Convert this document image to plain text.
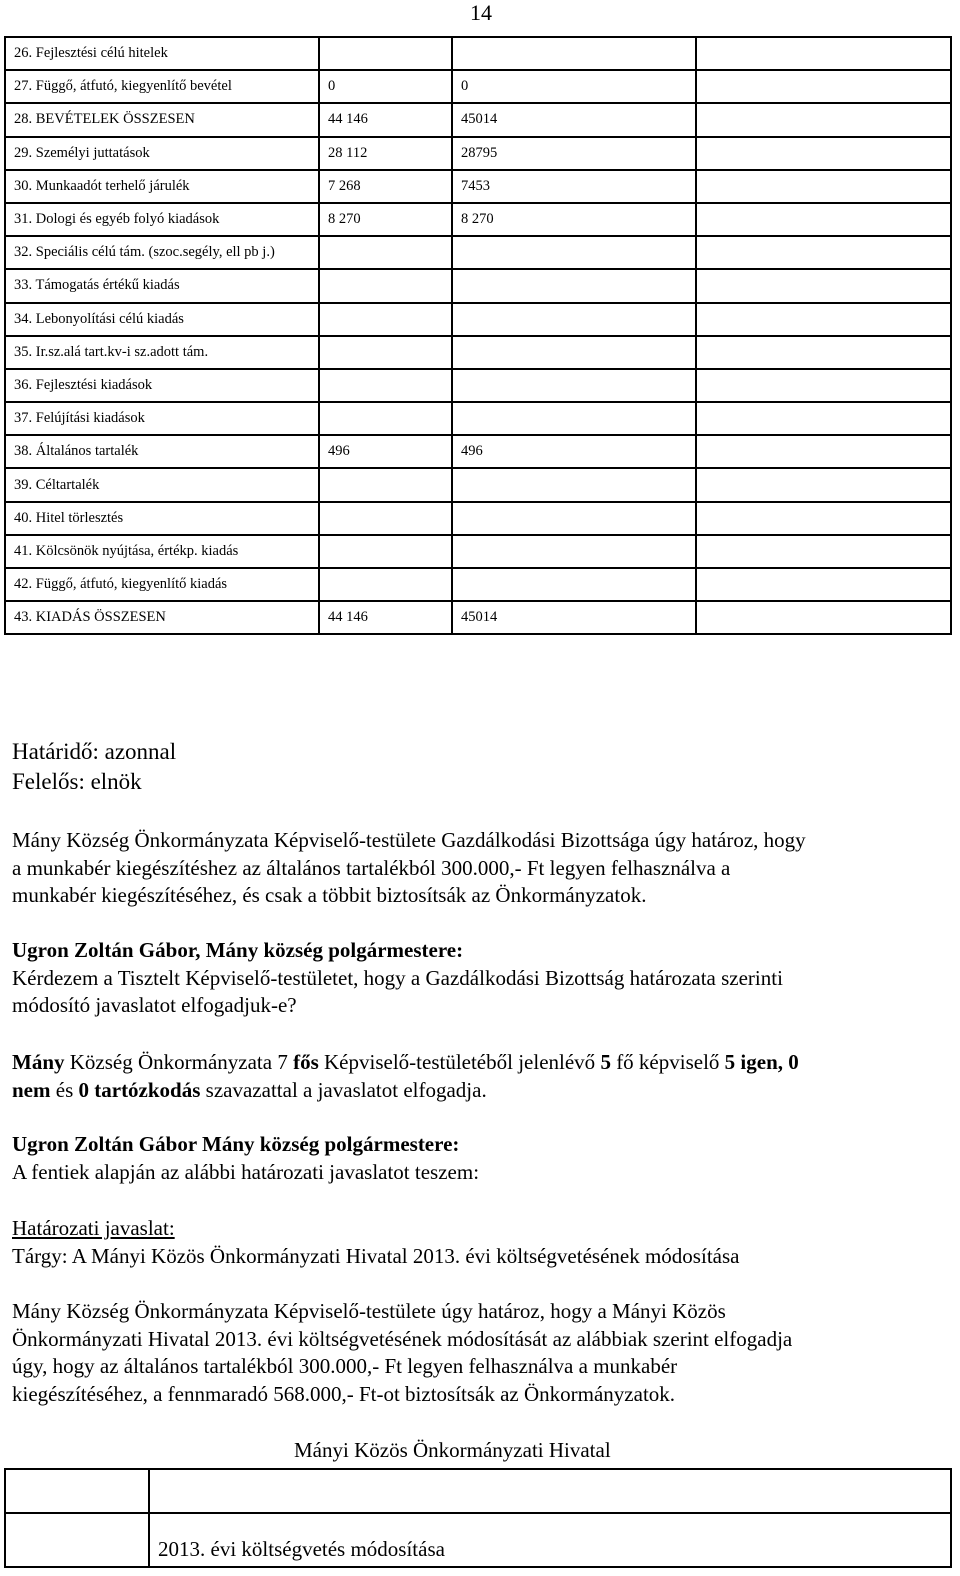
14
26. Fejlesztési célú hitelek			
27. Függő, átfutó, kiegyenlítő bevétel	0	0	
28. BEVÉTELEK ÖSSZESEN	44 146	45014	
29. Személyi juttatások	28 112	28795	
30. Munkaadót terhelő járulék	7 268	7453	
31. Dologi és egyéb folyó kiadások	8 270	8 270	
32. Speciális célú tám. (szoc.segély, ell pb j.)			
33. Támogatás értékű kiadás			
34. Lebonyolítási célú kiadás			
35. Ir.sz.alá tart.kv-i sz.adott tám.			
36. Fejlesztési kiadások			
37. Felújítási kiadások			
38. Általános tartalék	496	496	
39. Céltartalék			
40. Hitel törlesztés			
41. Kölcsönök nyújtása, értékp. kiadás			
42. Függő, átfutó, kiegyenlítő kiadás			
43. KIADÁS ÖSSZESEN	44 146	45014	
Határidő: azonnal
Felelős: elnök
Mány Község Önkormányzata Képviselő-testülete Gazdálkodási Bizottsága úgy határoz, hogy
a munkabér kiegészítéshez az általános tartalékból 300.000,- Ft legyen felhasználva a
munkabér kiegészítéséhez, és csak a többit biztosítsák az Önkormányzatok.
Ugron Zoltán Gábor, Mány község polgármestere:
Kérdezem a Tisztelt Képviselő-testületet, hogy a Gazdálkodási Bizottság határozata szerinti
módosító javaslatot elfogadjuk-e?
Mány Község Önkormányzata 7 fős Képviselő-testületéből jelenlévő 5 fő képviselő 5 igen, 0
nem és 0 tartózkodás szavazattal a javaslatot elfogadja.
Ugron Zoltán Gábor Mány község polgármestere:
A fentiek alapján az alábbi határozati javaslatot teszem:
Határozati javaslat:
Tárgy: A Mányi Közös Önkormányzati Hivatal 2013. évi költségvetésének módosítása
Mány Község Önkormányzata Képviselő-testülete úgy határoz, hogy a Mányi Közös
Önkormányzati Hivatal 2013. évi költségvetésének módosítását az alábbiak szerint elfogadja
úgy, hogy az általános tartalékból 300.000,- Ft legyen felhasználva a munkabér
kiegészítéséhez, a fennmaradó 568.000,- Ft-ot biztosítsák az Önkormányzatok.
Mányi Közös Önkormányzati Hivatal

	2013. évi költségvetés módosítása
